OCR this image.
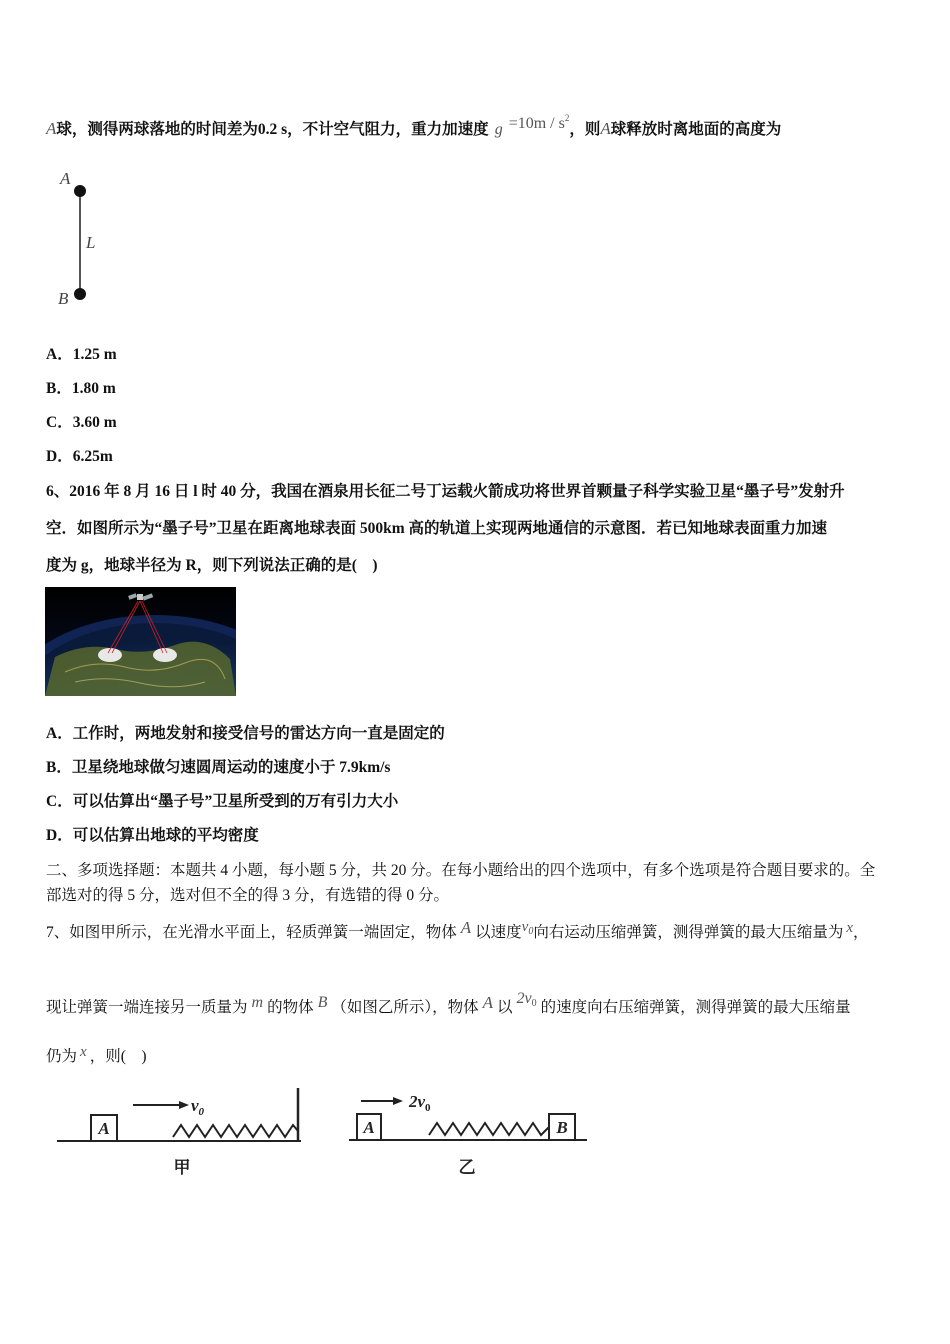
A球，测得两球落地的时间差为0.2 s，不计空气阻力，重力加速度 $g =10m / s^2$，则A球释放时离地面的高度为
A
L
B
A．1.25 m
B．1.80 m
C．3.60 m
D．6.25m
6、2016 年 8 月 16 日 l 时 40 分，我国在酒泉用长征二号丁运载火箭成功将世界首颗量子科学实验卫星“墨子号”发射升
空．如图所示为“墨子号”卫星在距离地球表面 500km 高的轨道上实现两地通信的示意图．若已知地球表面重力加速
度为 g，地球半径为 R，则下列说法正确的是(　)
A．工作时，两地发射和接受信号的雷达方向一直是固定的
B．卫星绕地球做匀速圆周运动的速度小于 7.9km/s
C．可以估算出“墨子号”卫星所受到的万有引力大小
D．可以估算出地球的平均密度
二、多项选择题：本题共 4 小题，每小题 5 分，共 20 分。在每小题给出的四个选项中，有多个选项是符合题目要求的。全
部选对的得 5 分，选对但不全的得 3 分，有选错的得 0 分。
7、如图甲所示，在光滑水平面上，轻质弹簧一端固定，物体 A 以速度$v_0$向右运动压缩弹簧，测得弹簧的最大压缩量为 x，
现让弹簧一端连接另一质量为 m 的物体 B （如图乙所示），物体 A 以$2v_0$ 的速度向右压缩弹簧，测得弹簧的最大压缩量
仍为 x ，则(　)
A
$v_0$
甲
A	B
$2v_0$
乙
